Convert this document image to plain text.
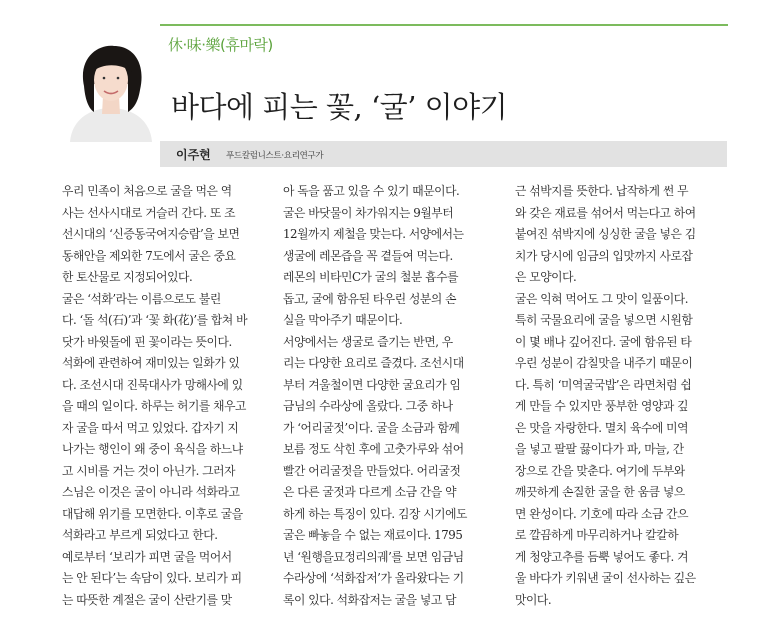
休·味·樂(휴마락)
바다에 피는 꽃, ‘굴’ 이야기
이주현 푸드칼럼니스트·요리연구가
우리 민족이 처음으로 굴을 먹은 역
사는 선사시대로 거슬러 간다. 또 조
선시대의 ‘신증동국여지승람’을 보면
동해안을 제외한 7도에서 굴은 중요
한 토산물로 지정되어있다.
굴은 ‘석화’라는 이름으로도 불린
다. ‘돌 석(石)’과 ‘꽃 화(花)’를 합쳐 바
닷가 바윗돌에 핀 꽃이라는 뜻이다.
석화에 관련하여 재미있는 일화가 있
다. 조선시대 진묵대사가 망해사에 있
을 때의 일이다. 하루는 허기를 채우고
자 굴을 따서 먹고 있었다. 갑자기 지
나가는 행인이 왜 중이 육식을 하느냐
고 시비를 거는 것이 아닌가. 그러자
스님은 이것은 굴이 아니라 석화라고
대답해 위기를 모면한다. 이후로 굴을
석화라고 부르게 되었다고 한다.
예로부터 ‘보리가 피면 굴을 먹어서
는 안 된다’는 속담이 있다. 보리가 피
는 따뜻한 계절은 굴이 산란기를 맞
아 독을 품고 있을 수 있기 때문이다.
굴은 바닷물이 차가워지는 9월부터
12월까지 제철을 맞는다. 서양에서는
생굴에 레몬즙을 꼭 곁들여 먹는다.
레몬의 비타민C가 굴의 철분 흡수를
돕고, 굴에 함유된 타우린 성분의 손
실을 막아주기 때문이다.
서양에서는 생굴로 즐기는 반면, 우
리는 다양한 요리로 즐겼다. 조선시대
부터 겨울철이면 다양한 굴요리가 임
금님의 수라상에 올랐다. 그중 하나
가 ‘어리굴젓’이다. 굴을 소금과 함께
보름 정도 삭힌 후에 고춧가루와 섞어
빨간 어리굴젓을 만들었다. 어리굴젓
은 다른 굴젓과 다르게 소금 간을 약
하게 하는 특징이 있다. 김장 시기에도
굴은 빠놓을 수 없는 재료이다. 1795
년 ‘원행을묘정리의궤’를 보면 임금님
수라상에 ‘석화잡저’가 올라왔다는 기
록이 있다. 석화잡저는 굴을 넣고 담
근 섞박지를 뜻한다. 납작하게 썬 무
와 갖은 재료를 섞어서 먹는다고 하여
붙여진 섞박지에 싱싱한 굴을 넣은 김
치가 당시에 임금의 입맛까지 사로잡
은 모양이다.
굴은 익혀 먹어도 그 맛이 일품이다.
특히 국물요리에 굴을 넣으면 시원함
이 몇 배나 깊어진다. 굴에 함유된 타
우린 성분이 감칠맛을 내주기 때문이
다. 특히 ‘미역굴국밥’은 라면처럼 쉽
게 만들 수 있지만 풍부한 영양과 깊
은 맛을 자랑한다. 멸치 육수에 미역
을 넣고 팔팔 끓이다가 파, 마늘, 간
장으로 간을 맞춘다. 여기에 두부와
깨끗하게 손질한 굴을 한 움큼 넣으
면 완성이다. 기호에 따라 소금 간으
로 깔끔하게 마무리하거나 칼칼하
게 청양고추를 듬뿍 넣어도 좋다. 겨
울 바다가 키워낸 굴이 선사하는 깊은
맛이다.
